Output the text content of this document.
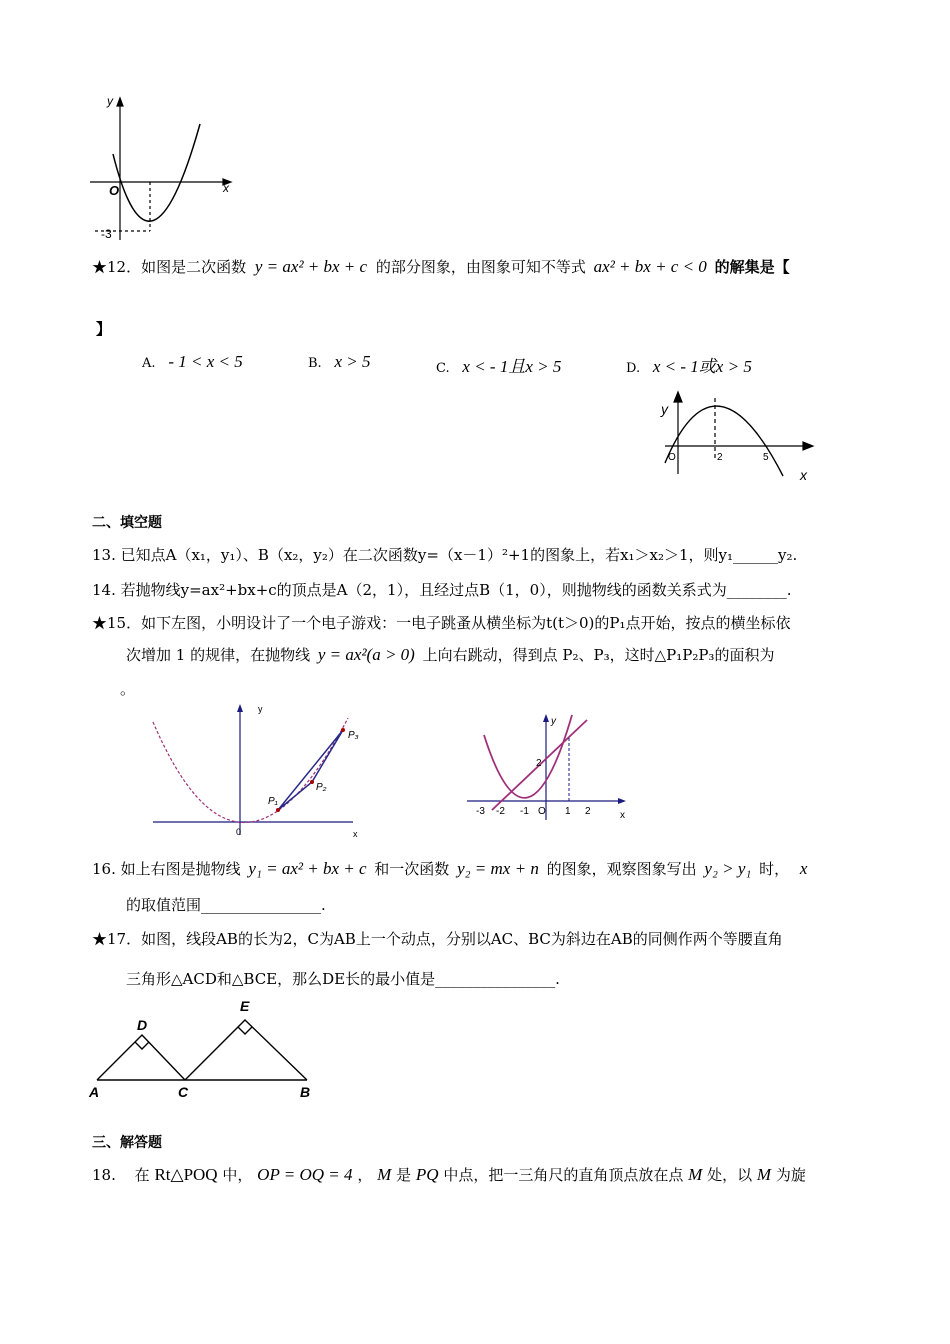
y
x
O
-3
★12．如图是二次函数 y = ax² + bx + c 的部分图象，由图象可知不等式 ax² + bx + c < 0 的解集是【
】
A. - 1 < x < 5	B. x > 5	C. x < - 1且x > 5	D. x < - 1或x > 5
y
x
O	2	5
二、填空题
13. 已知点A（x₁，y₁）、B（x₂，y₂）在二次函数y=（x－1）²+1的图象上，若x₁＞x₂＞1，则y₁______y₂.
14. 若抛物线y=ax²+bx+c的顶点是A（2，1），且经过点B（1，0），则抛物线的函数关系式为________.
★15．如下左图，小明设计了一个电子游戏：一电子跳蚤从横坐标为t(t＞0)的P₁点开始，按点的横坐标依
次增加 1 的规律，在抛物线 y = ax²(a > 0) 上向右跳动，得到点 P₂、P₃，这时△P₁P₂P₃的面积为
。
y
x
0
P₁
P₂
P₃
y
x
O
-3 -2 -1	1 2
2
16. 如上右图是抛物线 y₁ = ax² + bx + c 和一次函数 y₂ = mx + n 的图象，观察图象写出 y₂ > y₁ 时， x
的取值范围________________.
★17．如图，线段AB的长为2，C为AB上一个动点，分别以AC、BC为斜边在AB的同侧作两个等腰直角
三角形△ACD和△BCE，那么DE长的最小值是________________.
A	B
C
D
E
三、解答题
18. 在 Rt△POQ 中， OP = OQ = 4 ， M 是 PQ 中点，把一三角尺的直角顶点放在点 M 处，以 M 为旋
